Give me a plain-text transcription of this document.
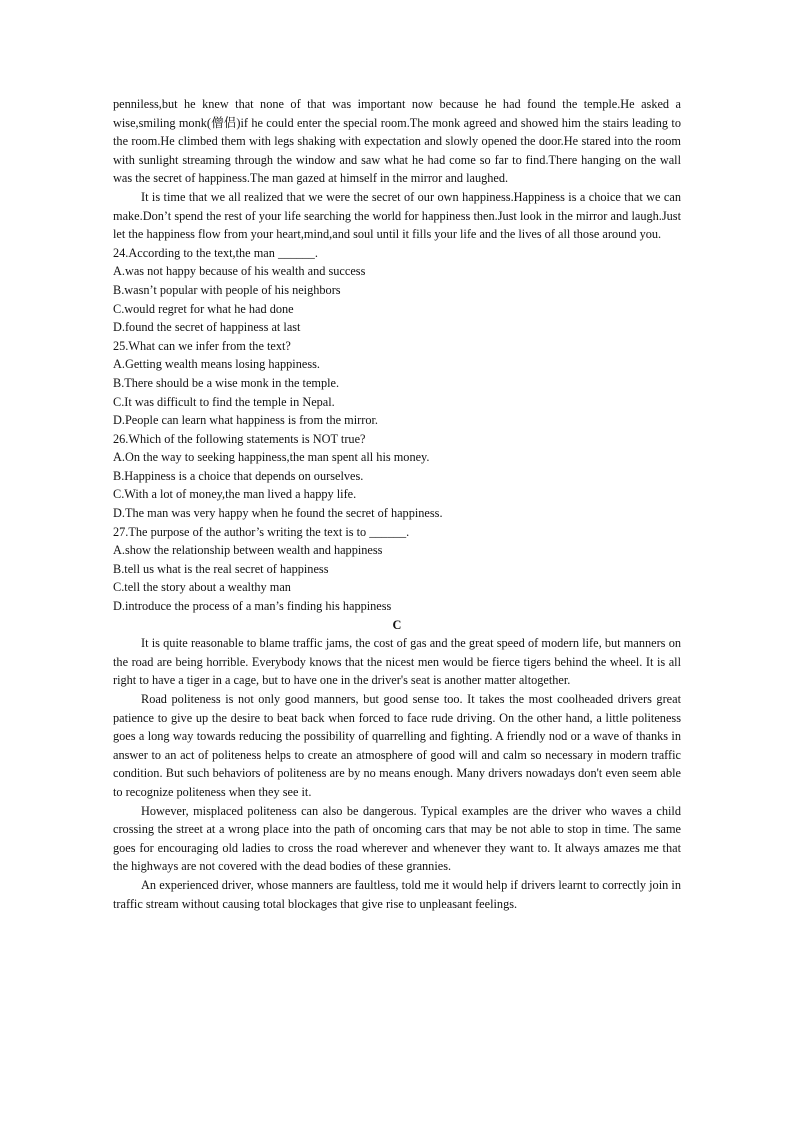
penniless,but he knew that none of that was important now because he had found the temple.He asked a wise,smiling monk(僧侣)if he could enter the special room.The monk agreed and showed him the stairs leading to the room.He climbed them with legs shaking with expectation and slowly opened the door.He stared into the room with sunlight streaming through the window and saw what he had come so far to find.There hanging on the wall was the secret of happiness.The man gazed at himself in the mirror and laughed.

It is time that we all realized that we were the secret of our own happiness.Happiness is a choice that we can make.Don’t spend the rest of your life searching the world for happiness then.Just look in the mirror and laugh.Just let the happiness flow from your heart,mind,and soul until it fills your life and the lives of all those around you.

24.According to the text,the man ______.

A.was not happy because of his wealth and success

B.wasn’t popular with people of his neighbors

C.would regret for what he had done

D.found the secret of happiness at last

25.What can we infer from the text?

A.Getting wealth means losing happiness.

B.There should be a wise monk in the temple.

C.It was difficult to find the temple in Nepal.

D.People can learn what happiness is from the mirror.

26.Which of the following statements is NOT true?

A.On the way to seeking happiness,the man spent all his money.

B.Happiness is a choice that depends on ourselves.

C.With a lot of money,the man lived a happy life.

D.The man was very happy when he found the secret of happiness.

27.The purpose of the author’s writing the text is to ______.

A.show the relationship between wealth and happiness

B.tell us what is the real secret of happiness

C.tell the story about a wealthy man

D.introduce the process of a man’s finding his happiness

C

It is quite reasonable to blame traffic jams, the cost of gas and the great speed of modern life, but manners on the road are being horrible. Everybody knows that the nicest men would be fierce tigers behind the wheel. It is all right to have a tiger in a cage, but to have one in the driver's seat is another matter altogether.

Road politeness is not only good manners, but good sense too. It takes the most coolheaded drivers great patience to give up the desire to beat back when forced to face rude driving. On the other hand, a little politeness goes a long way towards reducing the possibility of quarrelling and fighting. A friendly nod or a wave of thanks in answer to an act of politeness helps to create an atmosphere of good will and calm so necessary in modern traffic condition. But such behaviors of politeness are by no means enough. Many drivers nowadays don't even seem able to recognize politeness when they see it.

However, misplaced politeness can also be dangerous. Typical examples are the driver who waves a child crossing the street at a wrong place into the path of oncoming cars that may be not able to stop in time. The same goes for encouraging old ladies to cross the road wherever and whenever they want to. It always amazes me that the highways are not covered with the dead bodies of these grannies.

An experienced driver, whose manners are faultless, told me it would help if drivers learnt to correctly join in traffic stream without causing total blockages that give rise to unpleasant feelings.
